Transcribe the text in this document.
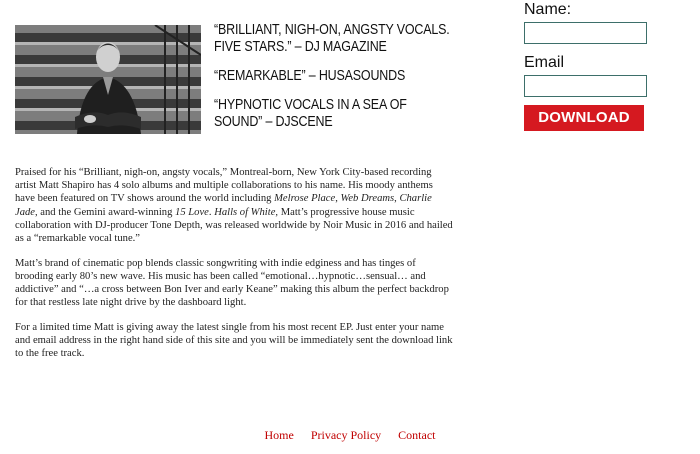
“BRILLIANT, NIGH-ON, ANGSTY VOCALS. FIVE STARS.” – DJ MAGAZINE

“REMARKABLE” – HUSASOUNDS

“HYPNOTIC VOCALS IN A SEA OF SOUND” – DJSCENE

Praised for his “Brilliant, nigh-on, angsty vocals,” Montreal-born, New York City-based recording artist Matt Shapiro has 4 solo albums and multiple collaborations to his name. His moody anthems have been featured on TV shows around the world including Melrose Place, Web Dreams, Charlie Jade, and the Gemini award-winning 15 Love. Halls of White, Matt’s progressive house music collaboration with DJ-producer Tone Depth, was released worldwide by Noir Music in 2016 and hailed as a “remarkable vocal tune.”

Matt’s brand of cinematic pop blends classic songwriting with indie edginess and has tinges of brooding early 80’s new wave. His music has been called “emotional…hypnotic…sensual… and addictive” and “…a cross between Bon Iver and early Keane” making this album the perfect backdrop for that restless late night drive by the dashboard light.

For a limited time Matt is giving away the latest single from his most recent EP. Just enter your name and email address in the right hand side of this site and you will be immediately sent the download link to the free track.

Name:
Email
DOWNLOAD
Home Privacy Policy Contact
